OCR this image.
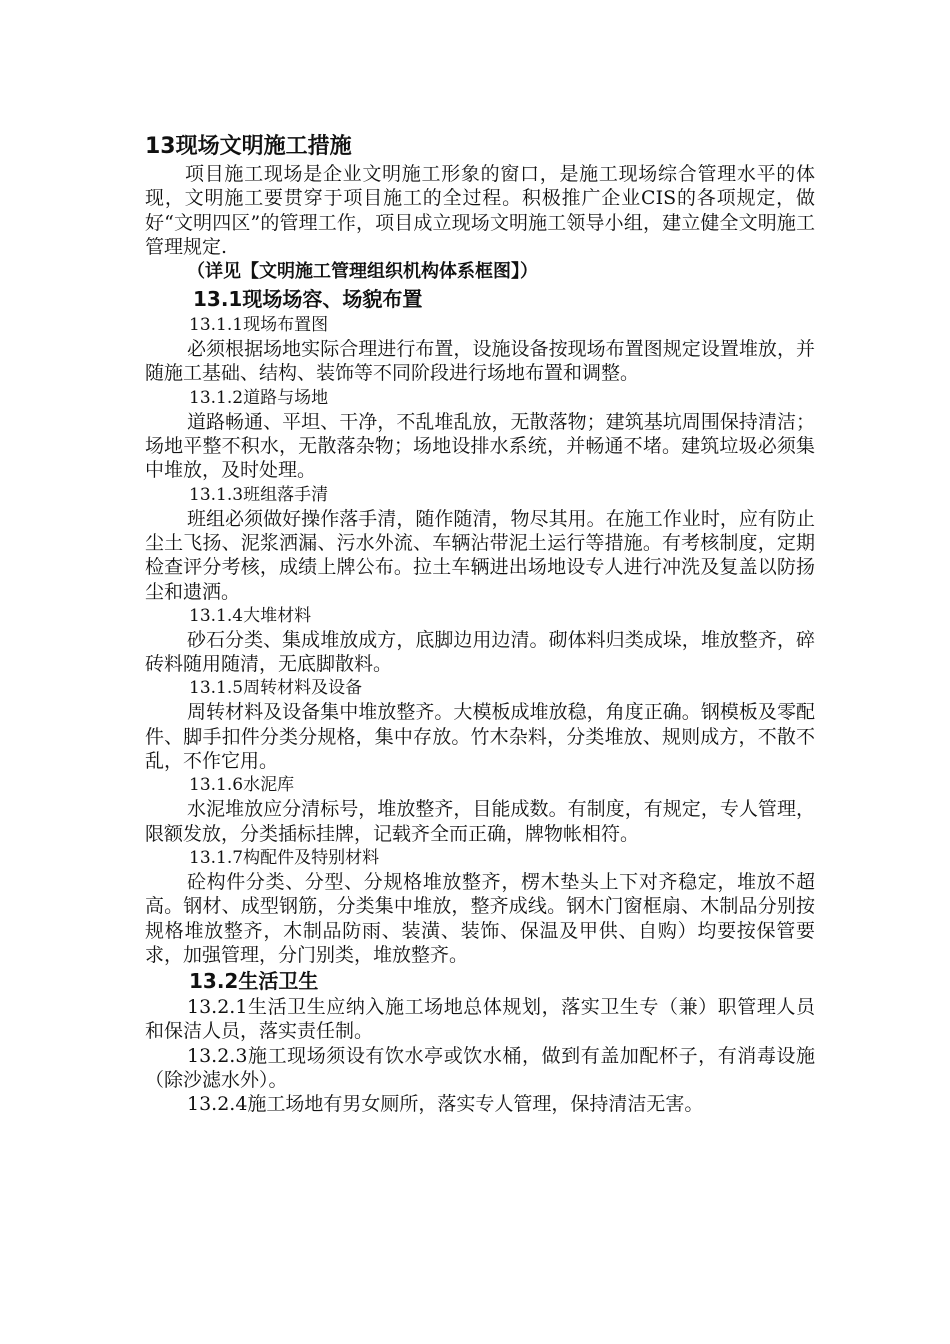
13现场文明施工措施

项目施工现场是企业文明施工形象的窗口，是施工现场综合管理水平的体现，文明施工要贯穿于项目施工的全过程。积极推广企业CIS的各项规定，做好“文明四区”的管理工作，项目成立现场文明施工领导小组，建立健全文明施工管理规定.

（详见【文明施工管理组织机构体系框图】）

13.1现场场容、场貌布置

13.1.1现场布置图

必须根据场地实际合理进行布置，设施设备按现场布置图规定设置堆放，并随施工基础、结构、装饰等不同阶段进行场地布置和调整。

13.1.2道路与场地

道路畅通、平坦、干净，不乱堆乱放，无散落物；建筑基坑周围保持清洁；场地平整不积水，无散落杂物；场地设排水系统，并畅通不堵。建筑垃圾必须集中堆放，及时处理。

13.1.3班组落手清

班组必须做好操作落手清，随作随清，物尽其用。在施工作业时，应有防止尘土飞扬、泥浆洒漏、污水外流、车辆沾带泥土运行等措施。有考核制度，定期检查评分考核，成绩上牌公布。拉土车辆进出场地设专人进行冲洗及复盖以防扬尘和遗洒。

13.1.4大堆材料

砂石分类、集成堆放成方，底脚边用边清。砌体料归类成垛，堆放整齐，碎砖料随用随清，无底脚散料。

13.1.5周转材料及设备

周转材料及设备集中堆放整齐。大模板成堆放稳，角度正确。钢模板及零配件、脚手扣件分类分规格，集中存放。竹木杂料，分类堆放、规则成方，不散不乱，不作它用。

13.1.6水泥库

水泥堆放应分清标号，堆放整齐，目能成数。有制度，有规定，专人管理，限额发放，分类插标挂牌，记载齐全而正确，牌物帐相符。

13.1.7构配件及特别材料

砼构件分类、分型、分规格堆放整齐，楞木垫头上下对齐稳定，堆放不超高。钢材、成型钢筋，分类集中堆放，整齐成线。钢木门窗框扇、木制品分别按规格堆放整齐，木制品防雨、装潢、装饰、保温及甲供、自购）均要按保管要求，加强管理，分门别类，堆放整齐。

13.2生活卫生

13.2.1生活卫生应纳入施工场地总体规划，落实卫生专（兼）职管理人员和保洁人员，落实责任制。

13.2.3施工现场须设有饮水亭或饮水桶，做到有盖加配杯子，有消毒设施（除沙滤水外）。

13.2.4施工场地有男女厕所，落实专人管理，保持清洁无害。
